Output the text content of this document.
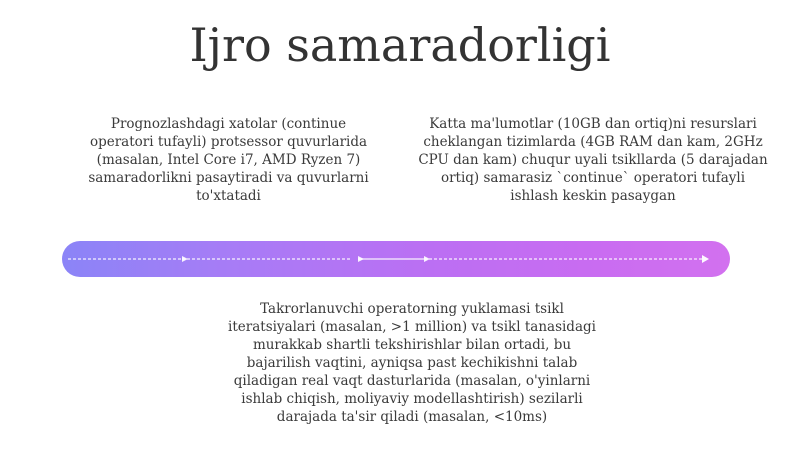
Ijro samaradorligi
Prognozlashdagi xatolar (continue operatori tufayli) protsessor quvurlarida (masalan, Intel Core i7, AMD Ryzen 7) samaradorlikni pasaytiradi va quvurlarni to'xtatadi
Katta ma'lumotlar (10GB dan ortiq)ni resurslari cheklangan tizimlarda (4GB RAM dan kam, 2GHz CPU dan kam) chuqur uyali tsikllarda (5 darajadan ortiq) samarasiz `continue` operatori tufayli ishlash keskin pasaygan
Takrorlanuvchi operatorning yuklamasi tsikl iteratsiyalari (masalan, >1 million) va tsikl tanasidagi murakkab shartli tekshirishlar bilan ortadi, bu bajarilish vaqtini, ayniqsa past kechikishni talab qiladigan real vaqt dasturlarida (masalan, o'yinlarni ishlab chiqish, moliyaviy modellashtirish) sezilarli darajada ta'sir qiladi (masalan, <10ms)
